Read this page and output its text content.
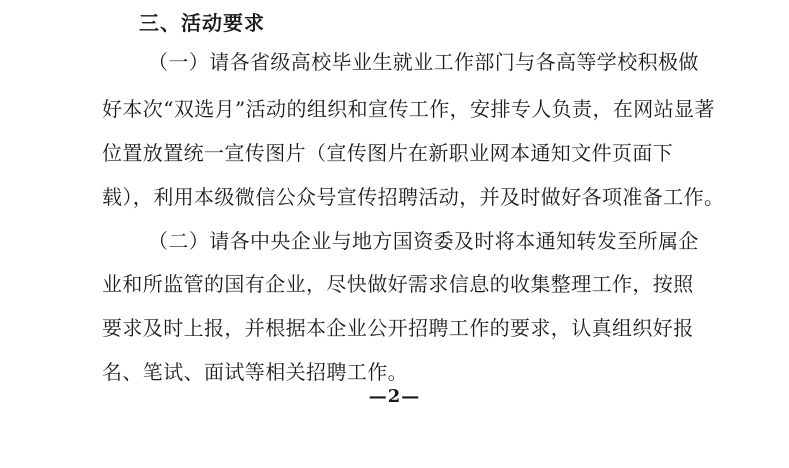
三、活动要求
（一）请各省级高校毕业生就业工作部门与各高等学校积极做
好本次“双选月”活动的组织和宣传工作，安排专人负责，在网站显著
位置放置统一宣传图片（宣传图片在新职业网本通知文件页面下
载），利用本级微信公众号宣传招聘活动，并及时做好各项准备工作。
（二）请各中央企业与地方国资委及时将本通知转发至所属企
业和所监管的国有企业，尽快做好需求信息的收集整理工作，按照
要求及时上报，并根据本企业公开招聘工作的要求，认真组织好报
名、笔试、面试等相关招聘工作。
—2—
